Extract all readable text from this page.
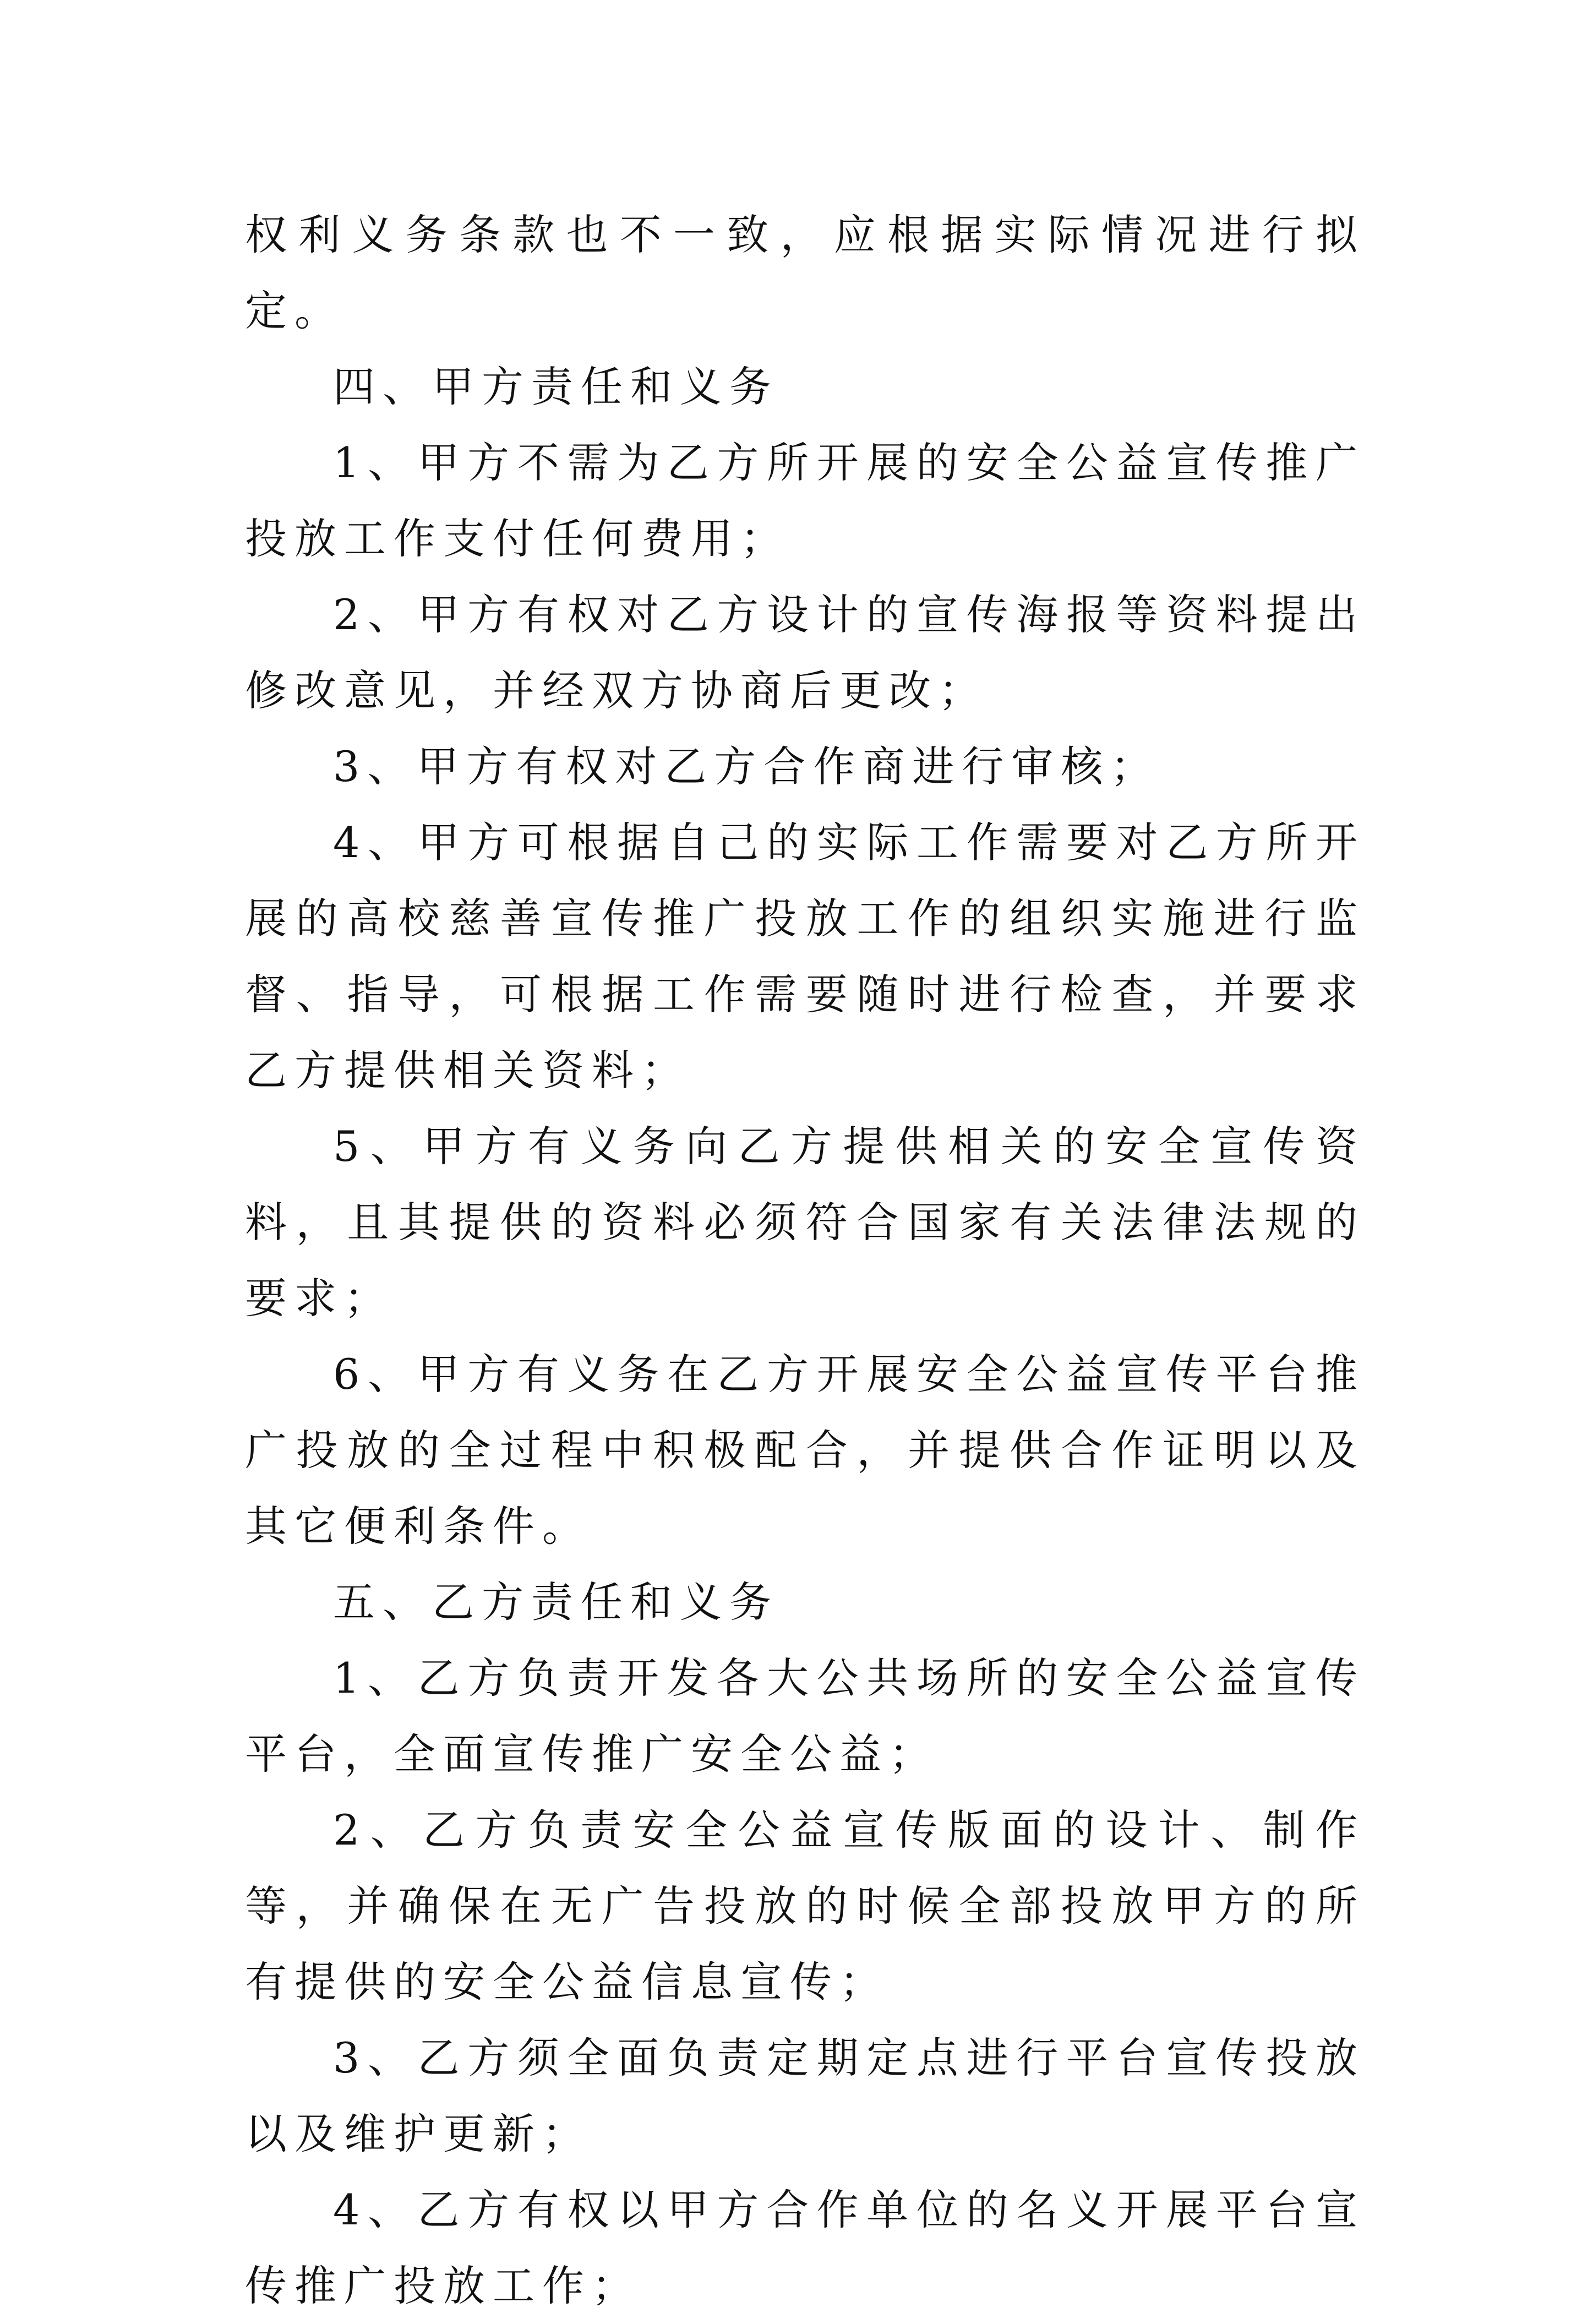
权利义务条款也不一致，应根据实际情况进行拟定。

四、甲方责任和义务

1、甲方不需为乙方所开展的安全公益宣传推广投放工作支付任何费用；

2、甲方有权对乙方设计的宣传海报等资料提出修改意见，并经双方协商后更改；

3、甲方有权对乙方合作商进行审核；

4、甲方可根据自己的实际工作需要对乙方所开展的高校慈善宣传推广投放工作的组织实施进行监督、指导，可根据工作需要随时进行检查，并要求乙方提供相关资料；

5、甲方有义务向乙方提供相关的安全宣传资料，且其提供的资料必须符合国家有关法律法规的要求；

6、甲方有义务在乙方开展安全公益宣传平台推广投放的全过程中积极配合，并提供合作证明以及其它便利条件。

五、乙方责任和义务

1、乙方负责开发各大公共场所的安全公益宣传平台，全面宣传推广安全公益；

2、乙方负责安全公益宣传版面的设计、制作等，并确保在无广告投放的时候全部投放甲方的所有提供的安全公益信息宣传；

3、乙方须全面负责定期定点进行平台宣传投放以及维护更新；

4、乙方有权以甲方合作单位的名义开展平台宣传推广投放工作；
